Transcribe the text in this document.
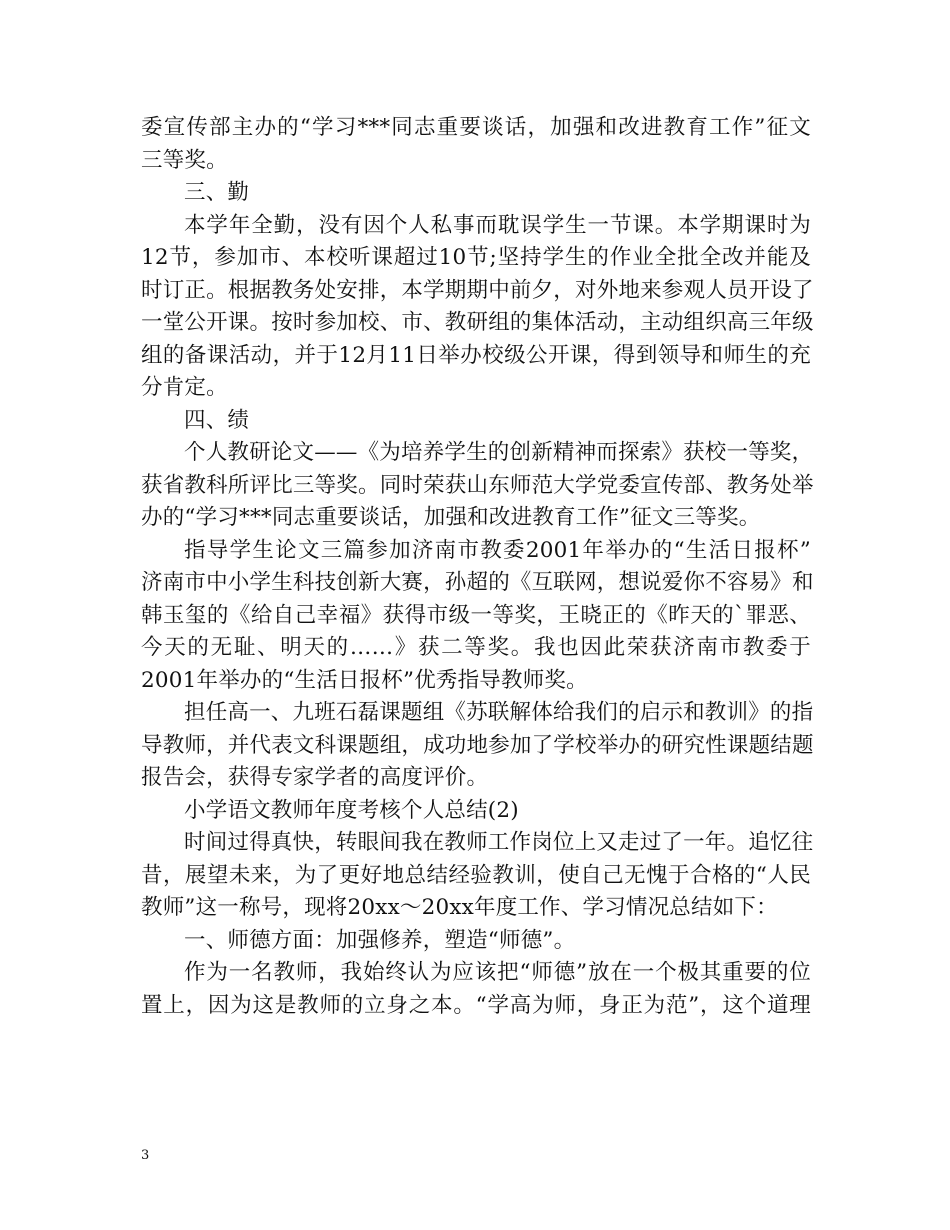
委宣传部主办的“学习***同志重要谈话，加强和改进教育工作”征文
三等奖。
三、勤
本学年全勤，没有因个人私事而耽误学生一节课。本学期课时为
12节，参加市、本校听课超过10节;坚持学生的作业全批全改并能及
时订正。根据教务处安排，本学期期中前夕，对外地来参观人员开设了
一堂公开课。按时参加校、市、教研组的集体活动，主动组织高三年级
组的备课活动，并于12月11日举办校级公开课，得到领导和师生的充
分肯定。
四、绩
个人教研论文——《为培养学生的创新精神而探索》获校一等奖，
获省教科所评比三等奖。同时荣获山东师范大学党委宣传部、教务处举
办的“学习***同志重要谈话，加强和改进教育工作”征文三等奖。
指导学生论文三篇参加济南市教委2001年举办的“生活日报杯”
济南市中小学生科技创新大赛，孙超的《互联网，想说爱你不容易》和
韩玉玺的《给自己幸福》获得市级一等奖，王晓正的《昨天的`罪恶、
今天的无耻、明天的……》获二等奖。我也因此荣获济南市教委于
2001年举办的“生活日报杯”优秀指导教师奖。
担任高一、九班石磊课题组《苏联解体给我们的启示和教训》的指
导教师，并代表文科课题组，成功地参加了学校举办的研究性课题结题
报告会，获得专家学者的高度评价。
小学语文教师年度考核个人总结(2)
时间过得真快，转眼间我在教师工作岗位上又走过了一年。追忆往
昔，展望未来，为了更好地总结经验教训，使自己无愧于合格的“人民
教师”这一称号，现将20xx～20xx年度工作、学习情况总结如下：
一、师德方面：加强修养，塑造“师德”。
作为一名教师，我始终认为应该把“师德”放在一个极其重要的位
置上，因为这是教师的立身之本。“学高为师，身正为范”，这个道理
3
